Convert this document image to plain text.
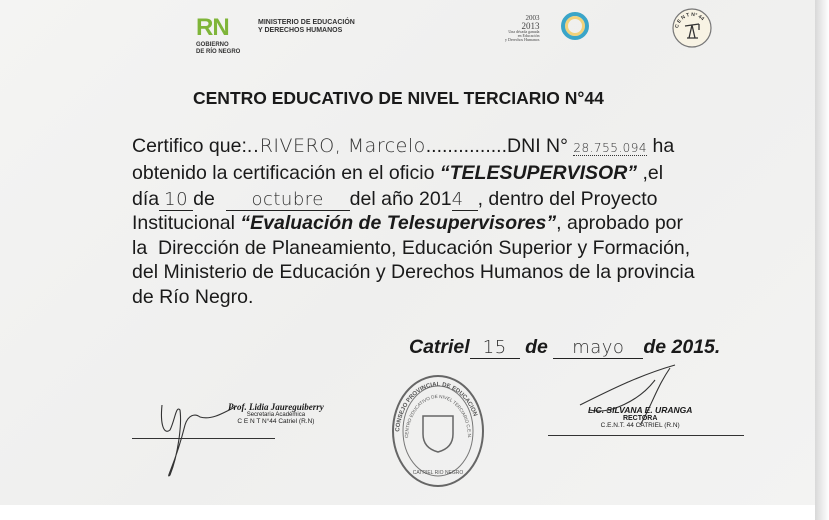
RN
GOBIERNO
DE RÍO NEGRO
MINISTERIO DE EDUCACIÓN
Y DERECHOS HUMANOS
2003
2013
Una década ganada
en Educación
y Derechos Humanos
C E N T N° 44
CENTRO EDUCATIVO DE NIVEL TERCIARIO N°44
Certifico que:..RIVERO, Marcelo...............DNI N° 28.755.094 ha
obtenido la certificación en el oficio “TELESUPERVISOR” ,el
día 10 de octubre del año 2014 , dentro del Proyecto
Institucional “Evaluación de Telesupervisores”, aprobado por
la  Dirección de Planeamiento, Educación Superior y Formación,
del Ministerio de Educación y Derechos Humanos de la provincia
de Río Negro.
Catriel 15 de mayo de 2015.
Prof. Lidia Jaureguiberry
Secretaria Académica
C E N T N°44 Catriel (R.N)
CONSEJO PROVINCIAL DE EDUCACION
CENTRO EDUCATIVO DE NIVEL TERCIARIO C.E.N.
CATRIEL RIO NEGRO
LIC. SILVANA E. URANGA
RECTORA
C.E.N.T. 44 CATRIEL (R.N)
